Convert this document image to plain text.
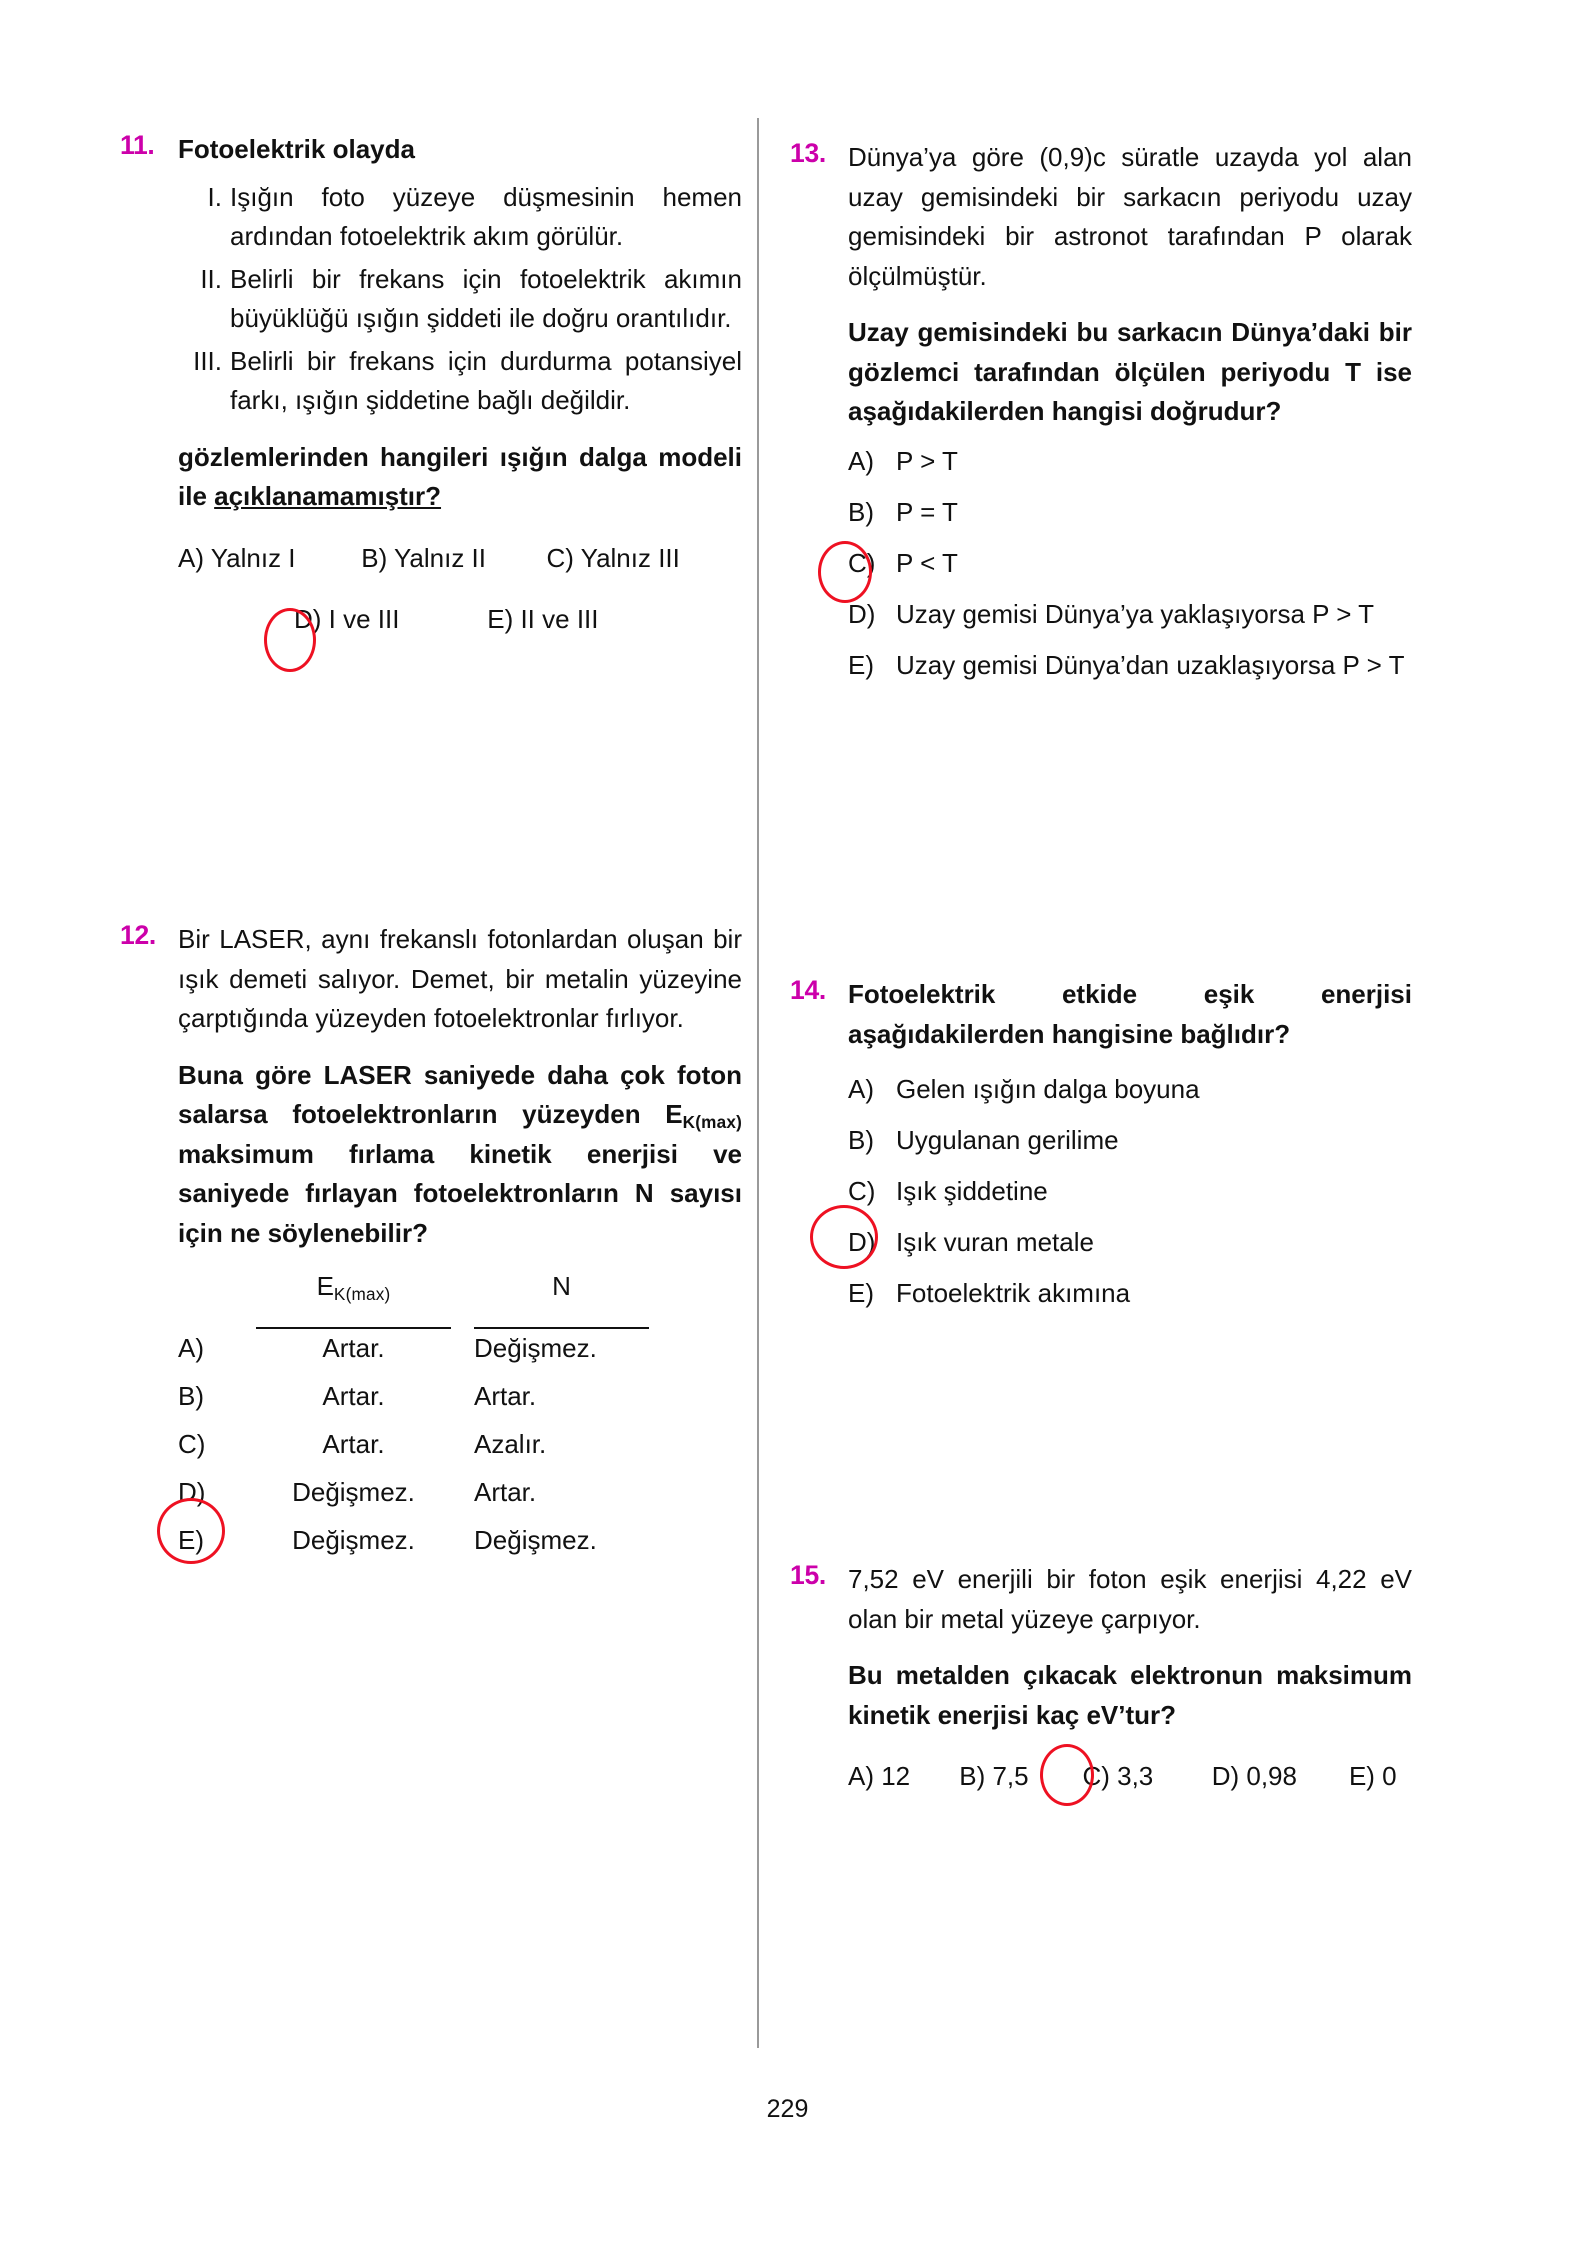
11. Fotoelektrik olayda
I. Işığın foto yüzeye düşmesinin hemen ardından fotoelektrik akım görülür.
II. Belirli bir frekans için fotoelektrik akımın büyüklüğü ışığın şiddeti ile doğru orantılıdır.
III. Belirli bir frekans için durdurma potansiyel farkı, ışığın şiddetine bağlı değildir.
gözlemlerinden hangileri ışığın dalga modeli ile açıklanamamıştır?
A) Yalnız I	B) Yalnız II C) Yalnız III
D) I ve III	E) II ve III
12. Bir LASER, aynı frekanslı fotonlardan oluşan bir ışık demeti salıyor. Demet, bir metalin yüzeyine çarptığında yüzeyden fotoelektronlar fırlıyor.
Buna göre LASER saniyede daha çok foton salarsa fotoelektronların yüzeyden $E_{K(max)}$ maksimum fırlama kinetik enerjisi ve saniyede fırlayan fotoelektronların N sayısı için ne söylenebilir?
$E_{K(max)}$	N
A)	Artar.	Değişmez.
B)	Artar.	Artar.
C)	Artar.	Azalır.
D)	Değişmez.	Artar.
E)	Değişmez.	Değişmez.
13. Dünya’ya göre (0,9)c süratle uzayda yol alan uzay gemisindeki bir sarkacın periyodu uzay gemisindeki bir astronot tarafından P olarak ölçülmüştür.
Uzay gemisindeki bu sarkacın Dünya’daki bir gözlemci tarafından ölçülen periyodu T ise aşağıdakilerden hangisi doğrudur?
A) P > T
B) P = T
C) P < T
D) Uzay gemisi Dünya’ya yaklaşıyorsa P > T
E) Uzay gemisi Dünya’dan uzaklaşıyorsa P > T
14. Fotoelektrik etkide eşik enerjisi aşağıdakilerden hangisine bağlıdır?
A) Gelen ışığın dalga boyuna
B) Uygulanan gerilime
C) Işık şiddetine
D) Işık vuran metale
E) Fotoelektrik akımına
15. 7,52 eV enerjili bir foton eşik enerjisi 4,22 eV olan bir metal yüzeye çarpıyor.
Bu metalden çıkacak elektronun maksimum kinetik enerjisi kaç eV’tur?
A) 12 B) 7,5 C) 3,3 D) 0,98 E) 0
229
